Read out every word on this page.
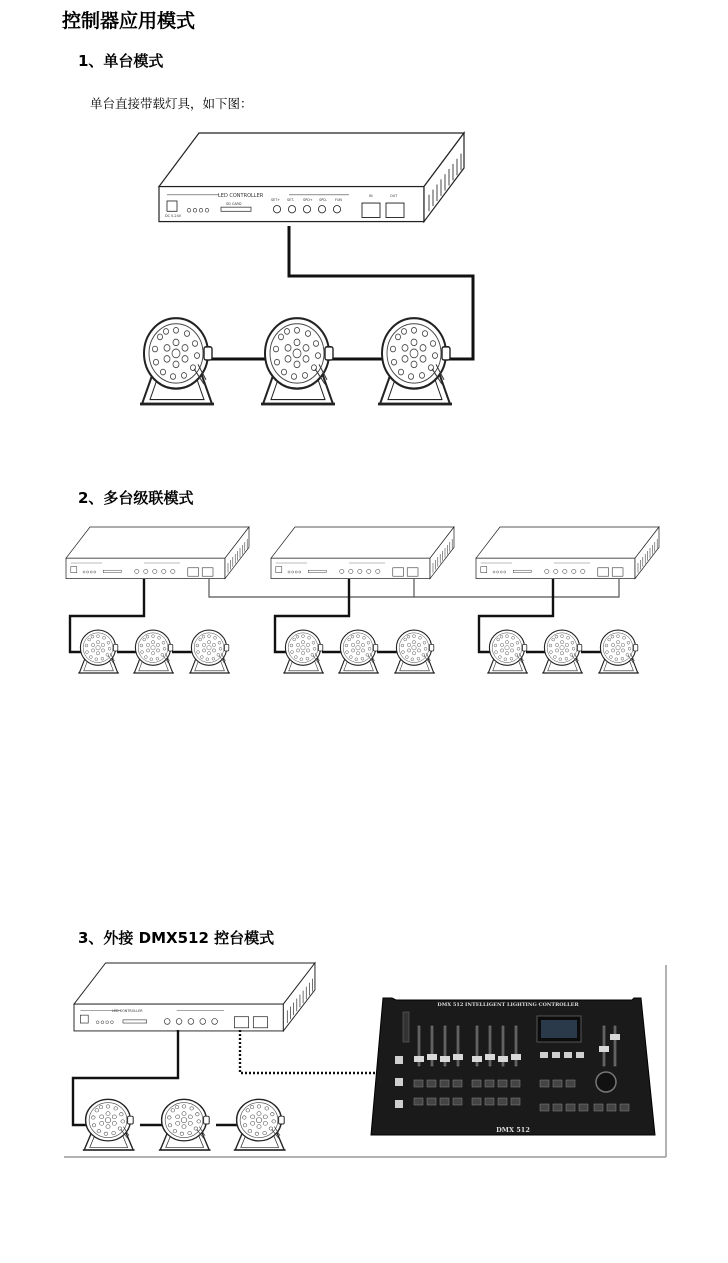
控制器应用模式
1、单台模式
单台直接带载灯具，如下图：
2、多台级联模式
3、外接 DMX512 控台模式
LED CONTROLLER
SD CARD
SET+ SET-	SPD+ SPD- FUN
DC 5-24V
IN	OUT
LED CONTROLLER
DMX 512 INTELLIGENT LIGHTING CONTROLLER
DMX 512
